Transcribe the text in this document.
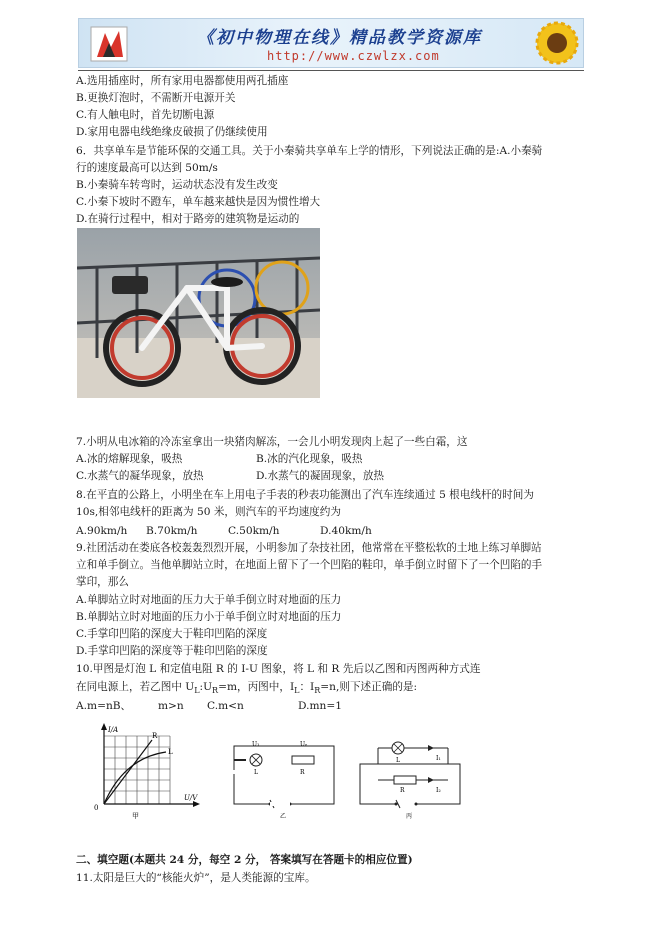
《初中物理在线》精品教学资源库
http://www.czwlzx.com
A.选用插座时，所有家用电器都使用两孔插座
B.更换灯泡时，不需断开电源开关
C.有人触电时，首先切断电源
D.家用电器电线绝缘皮破损了仍继续使用
6．共享单车是节能环保的交通工具。关于小秦骑共享单车上学的情形，下列说法正确的是:A.小秦骑
行的速度最高可以达到 50m/s
B.小秦骑车转弯时，运动状态没有发生改变
C.小秦下坡时不蹬车，单车越来越快是因为惯性增大
D.在骑行过程中，相对于路旁的建筑物是运动的
7.小明从电冰箱的冷冻室拿出一块猪肉解冻，一会儿小明发现肉上起了一些白霜，这
A.冰的熔解现象，吸热	B.冰的汽化现象，吸热
C.水蒸气的凝华现象，放热	D.水蒸气的凝固现象，放热
8.在平直的公路上，小明坐在车上用电子手表的秒表功能测出了汽车连续通过 5 根电线杆的时间为
10s,相邻电线杆的距离为 50 米，则汽车的平均速度约为
A.90km/h B.70km/h	C.50km/h	D.40km/h
9.社团活动在娄底各校轰轰烈烈开展，小明参加了杂技社团，他常常在平整松软的土地上练习单脚站
立和单手倒立。当他单脚站立时，在地面上留下了一个凹陷的鞋印，单手倒立时留下了一个凹陷的手
掌印，那么
A.单脚站立时对地面的压力大于单手倒立时对地面的压力
B.单脚站立时对地面的压力小于单手倒立时对地面的压力
C.手掌印凹陷的深度大于鞋印凹陷的深度
D.手掌印凹陷的深度等于鞋印凹陷的深度
10.甲图是灯泡 L 和定值电阻 R 的 I-U 图象，将 L 和 R 先后以乙图和丙图两种方式连
在同电源上，若乙图中 $U_L:U_R=m$，丙图中，$I_L$：$I_R=n$,则下述正确的是:
A.m=nB、	m>n C.m<n	D.mn=1
I/A
U/V
0
R
L
甲
U₁	Uₑ
L	R
乙
L
R
I₁
I₂
丙
二、填空题(本题共 24 分，每空 2 分， 答案填写在答题卡的相应位置)
11.太阳是巨大的“核能火炉”，是人类能源的宝库。
